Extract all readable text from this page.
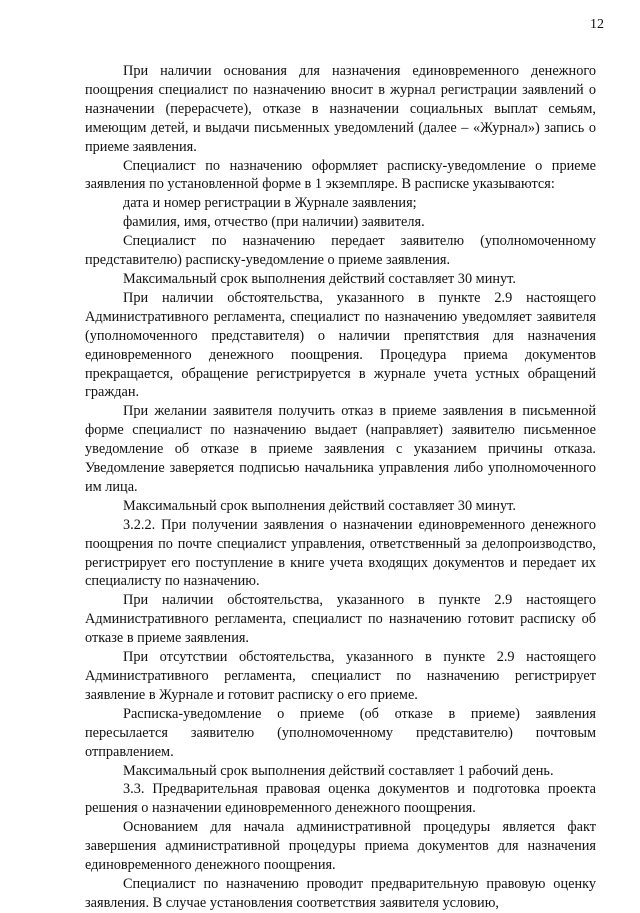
12

При наличии основания для назначения единовременного денежного поощрения специалист по назначению вносит в журнал регистрации заявлений о назначении (перерасчете), отказе в назначении социальных выплат семьям, имеющим детей, и выдачи письменных уведомлений (далее – «Журнал») запись о приеме заявления.

Специалист по назначению оформляет расписку-уведомление о приеме заявления по установленной форме в 1 экземпляре. В расписке указываются:

дата и номер регистрации в Журнале заявления;

фамилия, имя, отчество (при наличии) заявителя.

Специалист по назначению передает заявителю (уполномоченному представителю) расписку-уведомление о приеме заявления.

Максимальный срок выполнения действий составляет 30 минут.

При наличии обстоятельства, указанного в пункте 2.9 настоящего Административного регламента, специалист по назначению уведомляет заявителя (уполномоченного представителя) о наличии препятствия для назначения единовременного денежного поощрения. Процедура приема документов прекращается, обращение регистрируется в журнале учета устных обращений граждан.

При желании заявителя получить отказ в приеме заявления в письменной форме специалист по назначению выдает (направляет) заявителю письменное уведомление об отказе в приеме заявления с указанием причины отказа. Уведомление заверяется подписью начальника управления либо уполномоченного им лица.

Максимальный срок выполнения действий составляет 30 минут.

3.2.2. При получении заявления о назначении единовременного денежного поощрения по почте специалист управления, ответственный за делопроизводство, регистрирует его поступление в книге учета входящих документов и передает их специалисту по назначению.

При наличии обстоятельства, указанного в пункте 2.9 настоящего Административного регламента, специалист по назначению готовит расписку об отказе в приеме заявления.

При отсутствии обстоятельства, указанного в пункте 2.9 настоящего Административного регламента, специалист по назначению регистрирует заявление в Журнале и готовит расписку о его приеме.

Расписка-уведомление о приеме (об отказе в приеме) заявления пересылается заявителю (уполномоченному представителю) почтовым отправлением.

Максимальный срок выполнения действий составляет 1 рабочий день.

3.3. Предварительная правовая оценка документов и подготовка проекта решения о назначении единовременного денежного поощрения.

Основанием для начала административной процедуры является факт завершения административной процедуры приема документов для назначения единовременного денежного поощрения.

Специалист по назначению проводит предварительную правовую оценку заявления. В случае установления соответствия заявителя условию,
